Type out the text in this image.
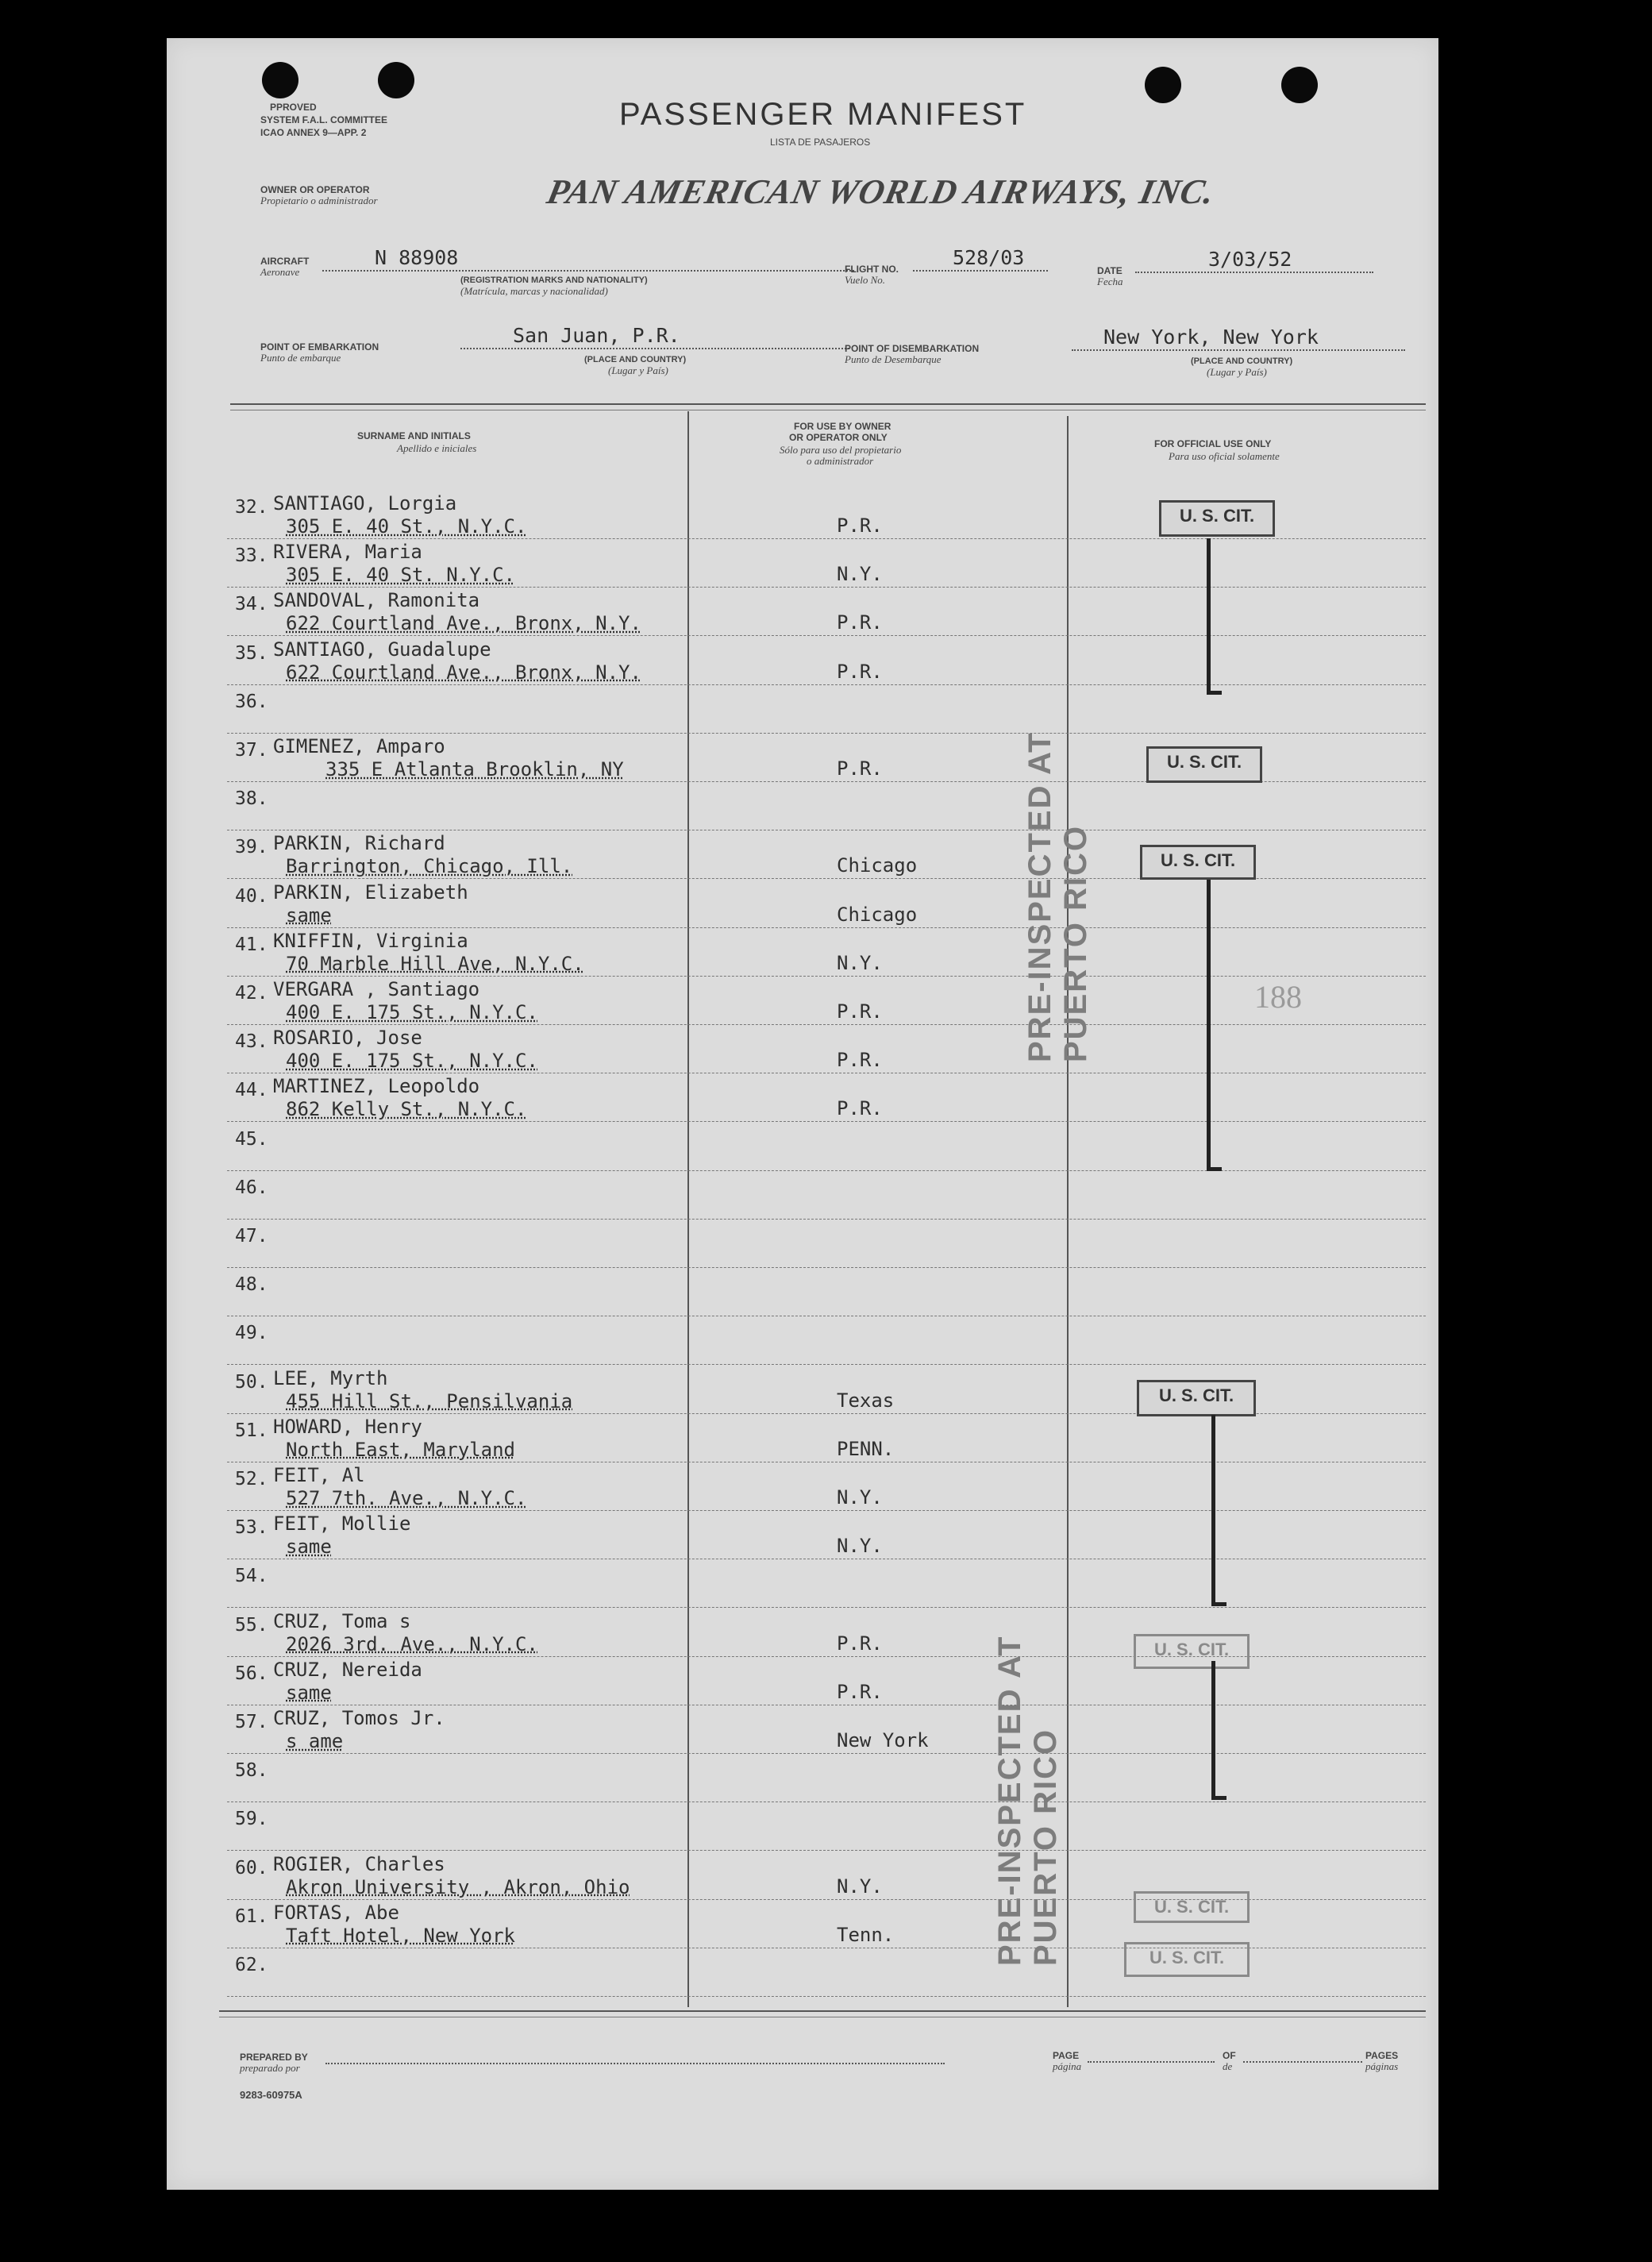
PPROVED
SYSTEM F.A.L. COMMITTEE
ICAO ANNEX 9—APP. 2
PASSENGER MANIFEST
LISTA DE PASAJEROS
OWNER OR OPERATOR
Propietario o administrador	PAN AMERICAN WORLD AIRWAYS, INC.
AIRCRAFT
Aeronave
N 88908
(REGISTRATION MARKS AND NATIONALITY)
(Matrícula, marcas y nacionalidad)
FLIGHT NO.
Vuelo No.
528/03
DATE
Fecha
3/03/52
POINT OF EMBARKATION
Punto de embarque
San Juan, P.R.
(PLACE AND COUNTRY)
(Lugar y País)
POINT OF DISEMBARKATION
Punto de Desembarque
New York, New York
(PLACE AND COUNTRY)
(Lugar y País)
SURNAME AND INITIALS
Apellido e iniciales
FOR USE BY OWNER
OR OPERATOR ONLY
Sólo para uso del propietario
o administrador
FOR OFFICIAL USE ONLY
Para uso oficial solamente
32. SANTIAGO, Lorgia
305 E. 40 St., N.Y.C.	P.R.
33. RIVERA, Maria
305 E. 40 St. N.Y.C.	N.Y.
34. SANDOVAL, Ramonita
622 Courtland Ave., Bronx, N.Y.	P.R.
35. SANTIAGO, Guadalupe
622 Courtland Ave., Bronx, N.Y.	P.R.
36.
37. GIMENEZ, Amparo
335 E Atlanta Brooklin, NY	P.R.
38.
39. PARKIN, Richard
Barrington, Chicago, Ill.	Chicago
40. PARKIN, Elizabeth
same	Chicago
41. KNIFFIN, Virginia
70 Marble Hill Ave, N.Y.C.	N.Y.
42. VERGARA , Santiago
400 E. 175 St., N.Y.C.	P.R.
43. ROSARIO, Jose
400 E. 175 St., N.Y.C.	P.R.
44. MARTINEZ, Leopoldo
862 Kelly St., N.Y.C.	P.R.
45.
46.
47.
48.
49.
50. LEE, Myrth
455 Hill St., Pensilvania	Texas
51. HOWARD, Henry
North East, Maryland	PENN.
52. FEIT, Al
527 7th. Ave., N.Y.C.	N.Y.
53. FEIT, Mollie
same	N.Y.
54.
55. CRUZ, Toma s
2026 3rd. Ave., N.Y.C.	P.R.
56. CRUZ, Nereida
same	P.R.
57. CRUZ, Tomos Jr.
s ame	New York
58.
59.
60. ROGIER, Charles
Akron University , Akron, Ohio	N.Y.
61. FORTAS, Abe
Taft Hotel, New York	Tenn.
62.
U. S. CIT.
U. S. CIT.
U. S. CIT.
188
U. S. CIT.
U. S. CIT.
U. S. CIT.
U. S. CIT.
PRE-INSPECTED AT PUERTO RICO
PRE-INSPECTED AT PUERTO RICO
PREPARED BY
preparado por
PAGE
página
OF
de
PAGES
páginas
9283-60975A
